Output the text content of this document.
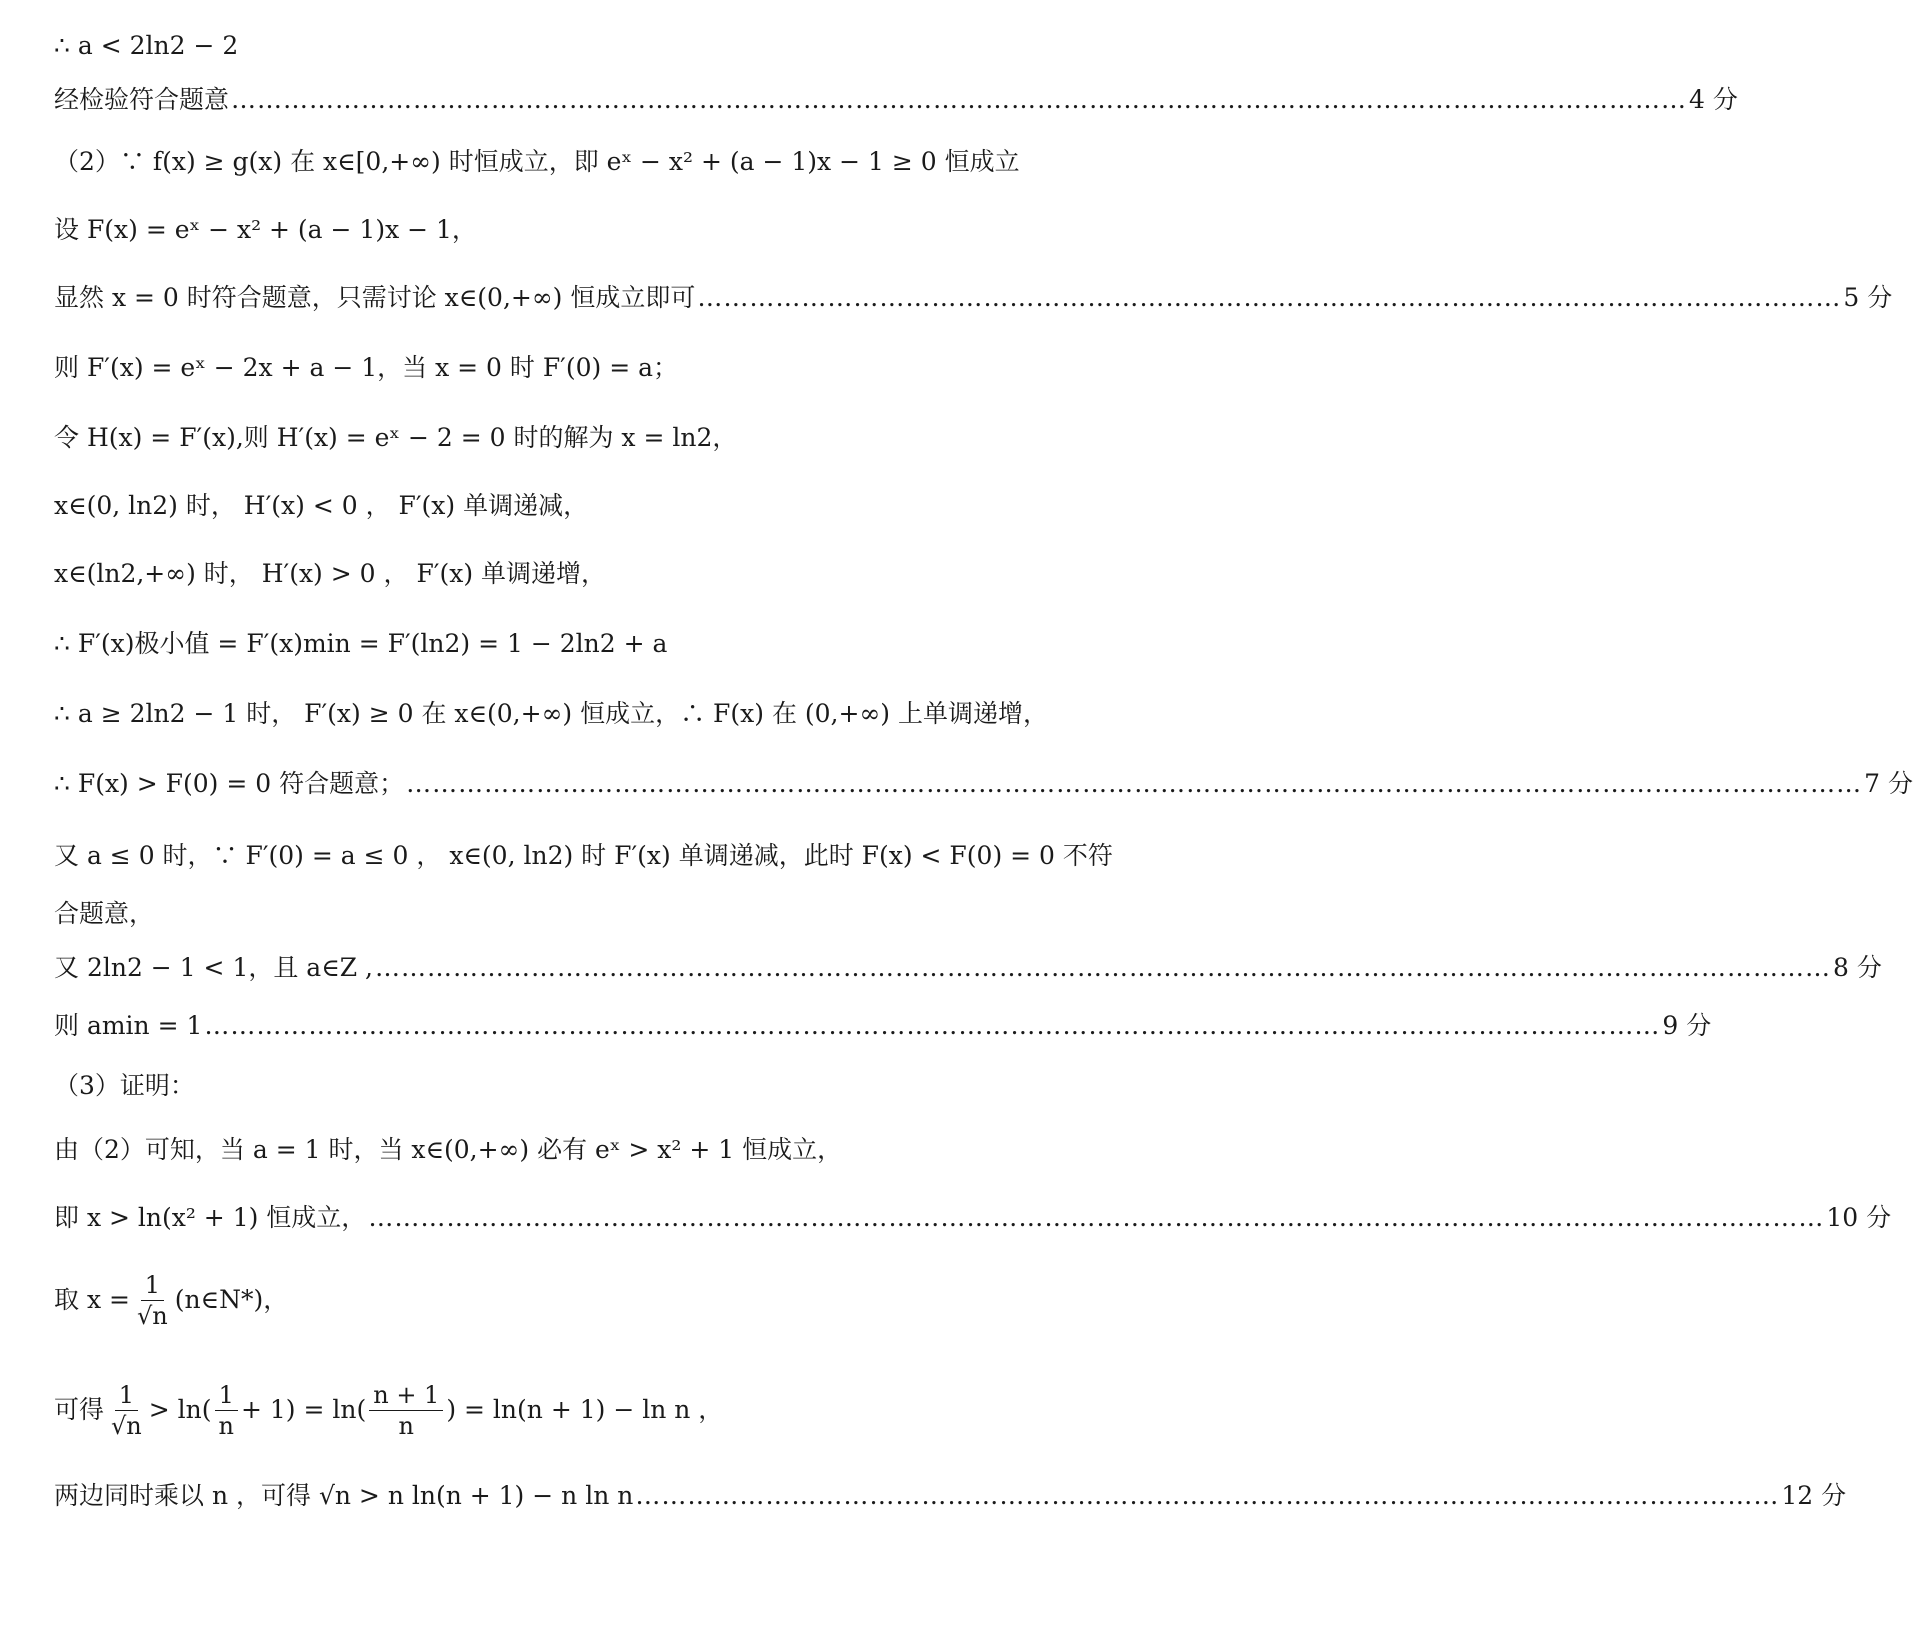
∴ a < 2ln2 − 2
经检验符合题意 …………………………………………………………………………………………………………………………………………………… 4 分
（2）∵ f(x) ≥ g(x) 在 x∈[0,+∞) 时恒成立，即 eˣ − x² + (a − 1)x − 1 ≥ 0 恒成立
设 F(x) = eˣ − x² + (a − 1)x − 1，
显然 x = 0 时符合题意，只需讨论 x∈(0,+∞) 恒成立即可 …………………………………………………………………………………………………………………… 5 分
则 F′(x) = eˣ − 2x + a − 1，当 x = 0 时 F′(0) = a；
令 H(x) = F′(x),则 H′(x) = eˣ − 2 = 0 时的解为 x = ln2，
x∈(0, ln2) 时， H′(x) < 0 ， F′(x) 单调递减，
x∈(ln2,+∞) 时， H′(x) > 0 ， F′(x) 单调递增，
∴ F′(x)极小值 = F′(x)min = F′(ln2) = 1 − 2ln2 + a
∴ a ≥ 2ln2 − 1 时， F′(x) ≥ 0 在 x∈(0,+∞) 恒成立，∴ F(x) 在 (0,+∞) 上单调递增，
∴ F(x) > F(0) = 0 符合题意； …………………………………………………………………………………………………………………………………………………… 7 分
又 a ≤ 0 时，∵ F′(0) = a ≤ 0 ， x∈(0, ln2) 时 F′(x) 单调递减，此时 F(x) < F(0) = 0 不符
合题意，
又 2ln2 − 1 < 1，且 a∈Z , …………………………………………………………………………………………………………………………………………………… 8 分
则 amin = 1 …………………………………………………………………………………………………………………………………………………… 9 分
（3）证明：
由（2）可知，当 a = 1 时，当 x∈(0,+∞) 必有 eˣ > x² + 1 恒成立，
即 x > ln(x² + 1) 恒成立， …………………………………………………………………………………………………………………………………………………… 10 分
取 $x = \frac{1}{√n}$ (n∈N*)，
可得 $\frac{1}{√n} > \ln( \frac{1}{n} + 1) = \ln( \frac{n + 1}{n}$ ) = ln(n + 1) − ln n ，
两边同时乘以 n ，可得 √n > n ln(n + 1) − n ln n …………………………………………………………………………………………………………………… 12 分
